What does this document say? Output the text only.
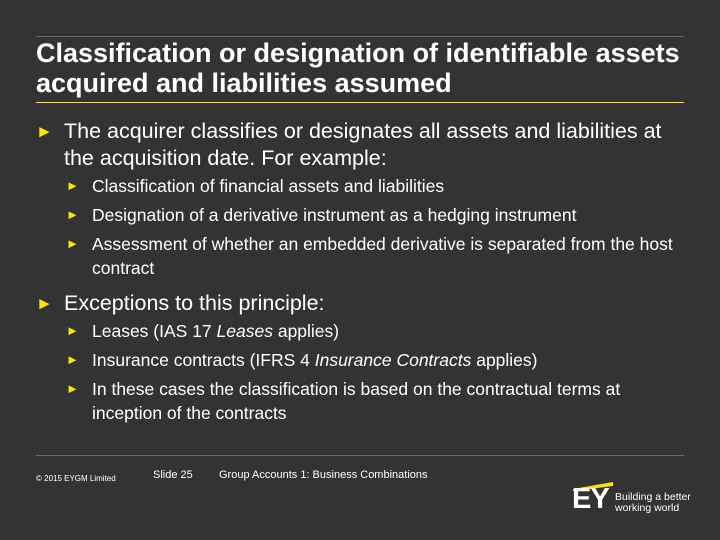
Classification or designation of identifiable assets acquired and liabilities assumed
► The acquirer classifies or designates all assets and liabilities at the acquisition date. For example:
► Classification of financial assets and liabilities
► Designation of a derivative instrument as a hedging instrument
► Assessment of whether an embedded derivative is separated from the host contract
► Exceptions to this principle:
► Leases (IAS 17 Leases applies)
► Insurance contracts (IFRS 4 Insurance Contracts applies)
► In these cases the classification is based on the contractual terms at inception of the contracts
© 2015 EYGM Limited	Slide 25 Group Accounts 1: Business Combinations
EY Building a better
working world
